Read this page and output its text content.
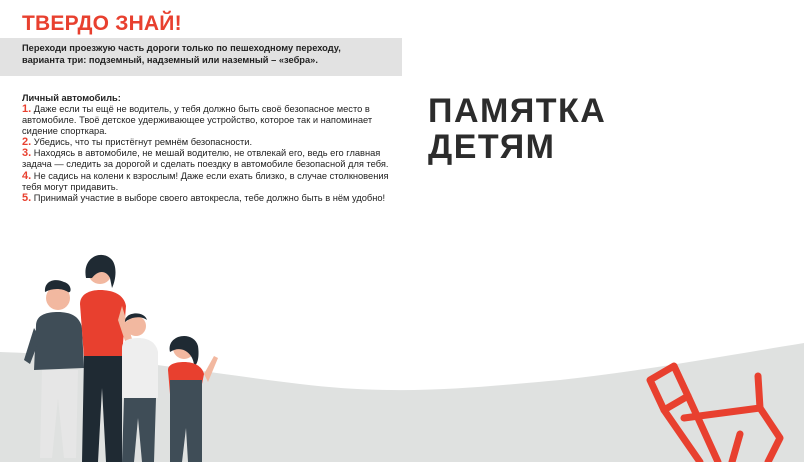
ТВЕРДО ЗНАЙ!

Переходи проезжую часть дороги только по пешеходному переходу, варианта три: подземный, надземный или наземный – «зебра».

Личный автомобиль:

1. Даже если ты ещё не водитель, у тебя должно быть своё безопасное место в автомобиле. Твоё детское удерживающее устройство, которое так и напоминает сидение спорткара.
2. Убедись, что ты пристёгнут ремнём безопасности.
3. Находясь в автомобиле, не мешай водителю, не отвлекай его, ведь его главная задача — следить за дорогой и сделать поездку в автомобиле безопасной для тебя.
4. Не садись на колени к взрослым! Даже если ехать близко, в случае столкновения тебя могут придавить.
5. Принимай участие в выборе своего автокресла, тебе должно быть в нём удобно!
ПАМЯТКА
ДЕТЯМ
